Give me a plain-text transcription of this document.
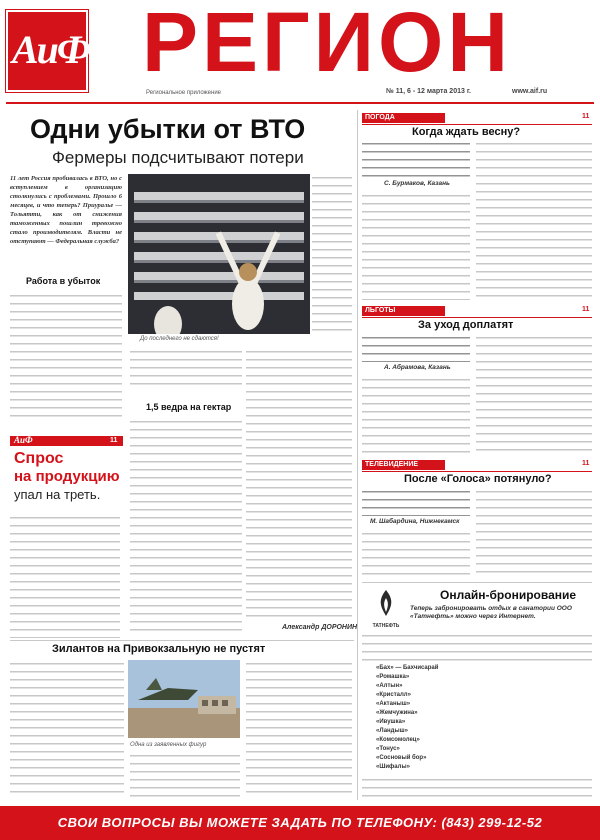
АиФ РЕГИОН
Региональное приложение	№ 11, 6 - 12 марта 2013 г.	www.aif.ru
Одни убытки от ВТО
Фермеры подсчитывают потери
11 лет Россия пробивалась в ВТО, но с вступлением в организацию столкнулись с проблемами. Прошло 6 месяцев, и что теперь? Приуралье — Тольятти, как от снижения таможенных пошлин тревожно стало производителям. Власти не отступают — Федеральная служба?
Работа в убыток
До последнего не сдаются!
1,5 ведра на гектар
Александр ДОРОНИН
АиФ	11
Спрос
на продукцию
упал на треть.
Зилантов на Привокзальную не пустят
Одна из заявленных фигур
ПОГОДА	11
Когда ждать весну?
С. Бурмаков, Казань
ЛЬГОТЫ	11
За уход доплатят
А. Абрамова, Казань
ТЕЛЕВИДЕНИЕ	11
После «Голоса» потянуло?
М. Шабардина, Нижнекамск
ТАТНЕФТЬ
Онлайн-бронирование
Теперь забронировать отдых в санатории ООО «Татнефть» можно через Интернет.
«Бах» — Бахчисарай
«Ромашка»
«Алтын»
«Кристалл»
«Актаныш»
«Жемчужина»
«Ивушка»
«Ландыш»
«Комсомолец»
«Тонус»
«Сосновый бор»
«Шифалы»
СВОИ ВОПРОСЫ ВЫ МОЖЕТЕ ЗАДАТЬ ПО ТЕЛЕФОНУ: (843) 299-12-52
